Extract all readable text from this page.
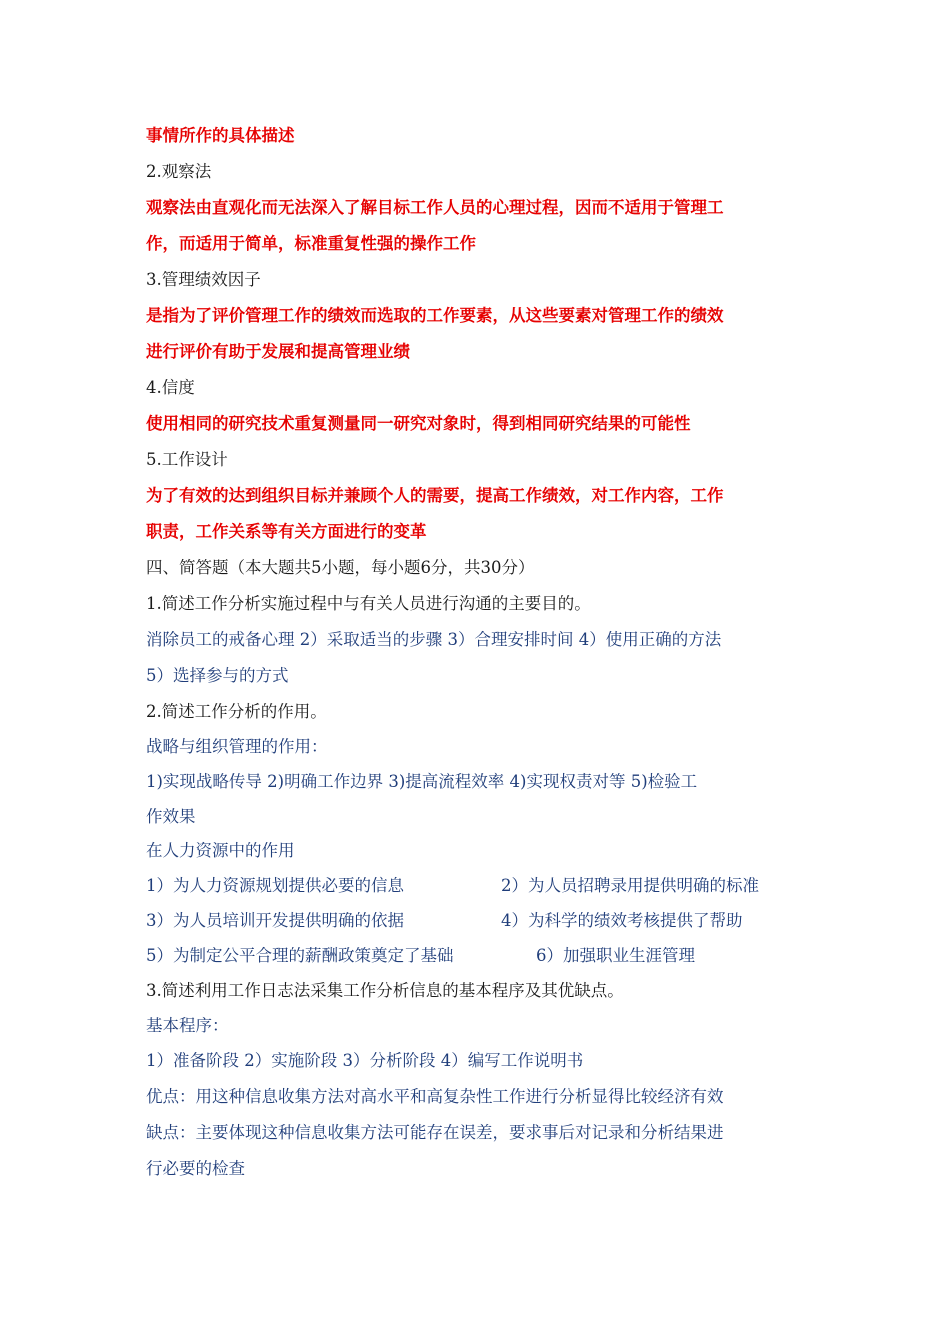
事情所作的具体描述
2.观察法
观察法由直观化而无法深入了解目标工作人员的心理过程，因而不适用于管理工
作，而适用于简单，标准重复性强的操作工作
3.管理绩效因子
是指为了评价管理工作的绩效而选取的工作要素，从这些要素对管理工作的绩效
进行评价有助于发展和提高管理业绩
4.信度
使用相同的研究技术重复测量同一研究对象时，得到相同研究结果的可能性
5.工作设计
为了有效的达到组织目标并兼顾个人的需要，提高工作绩效，对工作内容，工作
职责，工作关系等有关方面进行的变革
四、简答题（本大题共5小题，每小题6分，共30分）
1.简述工作分析实施过程中与有关人员进行沟通的主要目的。
消除员工的戒备心理 2）采取适当的步骤 3）合理安排时间 4）使用正确的方法
5）选择参与的方式
2.简述工作分析的作用。
战略与组织管理的作用：
1)实现战略传导 2)明确工作边界 3)提高流程效率 4)实现权责对等 5)检验工
作效果
在人力资源中的作用
1）为人力资源规划提供必要的信息	2）为人员招聘录用提供明确的标准
3）为人员培训开发提供明确的依据	4）为科学的绩效考核提供了帮助
5）为制定公平合理的薪酬政策奠定了基础	6）加强职业生涯管理
3.简述利用工作日志法采集工作分析信息的基本程序及其优缺点。
基本程序：
1）准备阶段 2）实施阶段 3）分析阶段 4）编写工作说明书
优点：用这种信息收集方法对高水平和高复杂性工作进行分析显得比较经济有效
缺点：主要体现这种信息收集方法可能存在误差，要求事后对记录和分析结果进
行必要的检查
